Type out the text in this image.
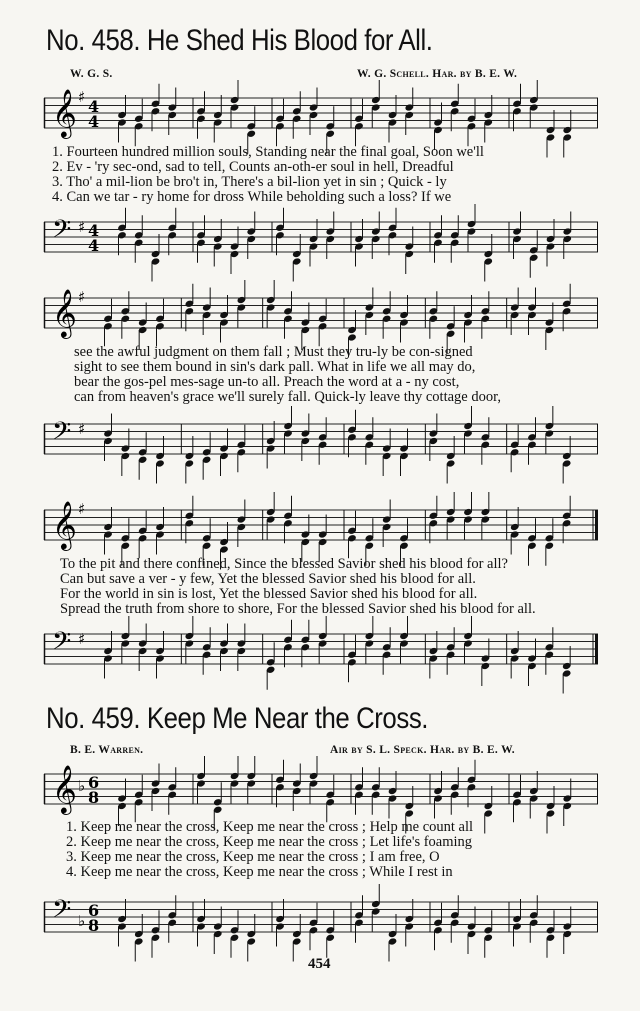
No. 458. He Shed His Blood for All.
W. G. S.	W. G. Schell. Har. by B. E. W.
𝄞 ♯ 4
4
1. Fourteen hundred million souls, Standing near the final goal, Soon we'll
2. Ev - 'ry sec-ond, sad to tell, Counts an-oth-er soul in hell, Dreadful
3. Tho' a mil-lion be bro't in, There's a bil-lion yet in sin ; Quick - ly
4. Can we tar - ry home for dross While beholding such a loss? If we
𝄢 ♯ 4
4
𝄞 ♯
see the awful judgment on them fall ; Must they tru-ly be con-signed
sight to see them bound in sin's dark pall. What in life we all may do,
bear the gos-pel mes-sage un-to all. Preach the word at a - ny cost,
can from heaven's grace we'll surely fall. Quick-ly leave thy cottage door,
𝄢 ♯
𝄞 ♯
To the pit and there confined, Since the blessed Savior shed his blood for all?
Can but save a ver - y few, Yet the blessed Savior shed his blood for all.
For the world in sin is lost, Yet the blessed Savior shed his blood for all.
Spread the truth from shore to shore, For the blessed Savior shed his blood for all.
𝄢 ♯
No. 459. Keep Me Near the Cross.
B. E. Warren.	Air by S. L. Speck. Har. by B. E. W.
𝄞 ♭ 6
8
1. Keep me near the cross, Keep me near the cross ; Help me count all
2. Keep me near the cross, Keep me near the cross ; Let life's foaming
3. Keep me near the cross, Keep me near the cross ; I am free, O
4. Keep me near the cross, Keep me near the cross ; While I rest in
𝄢 ♭
6
8
454
